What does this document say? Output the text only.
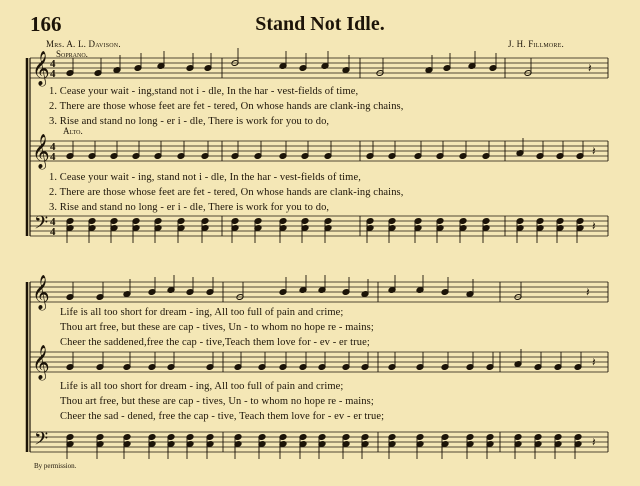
166	Stand Not Idle.
Mrs. A. L. Davison.	J. H. Fillmore.
Soprano.
Alto.
1. Cease your wait - ing,stand not i - dle, In the har - vest-fields of time,
2. There are those whose feet are fet - tered, On whose hands are clank-ing chains,
3. Rise and stand no long - er i - dle, There is work for you to do,
1. Cease your wait - ing, stand not i - dle, In the har - vest-fields of time,
2. There are those whose feet are fet - tered, On whose hands are clank-ing chains,
3. Rise and stand no long - er i - dle, There is work for you to do,
Life is all too short for dream - ing, All too full of pain and crime;
Thou art free, but these are cap - tives, Un - to whom no hope re - mains;
Cheer the saddened,free the cap - tive,Teach them love for - ev - er true;
Life is all too short for dream - ing, All too full of pain and crime;
Thou art free, but these are cap - tives, Un - to whom no hope re - mains;
Cheer the sad - dened, free the cap - tive, Teach them love for - ev - er true;
By permission.
𝄞
𝄞
𝄢
4
4
4
4
4
4
𝄽
𝄽
𝄽
𝄞
𝄞
𝄢
𝄽
𝄽
𝄽
